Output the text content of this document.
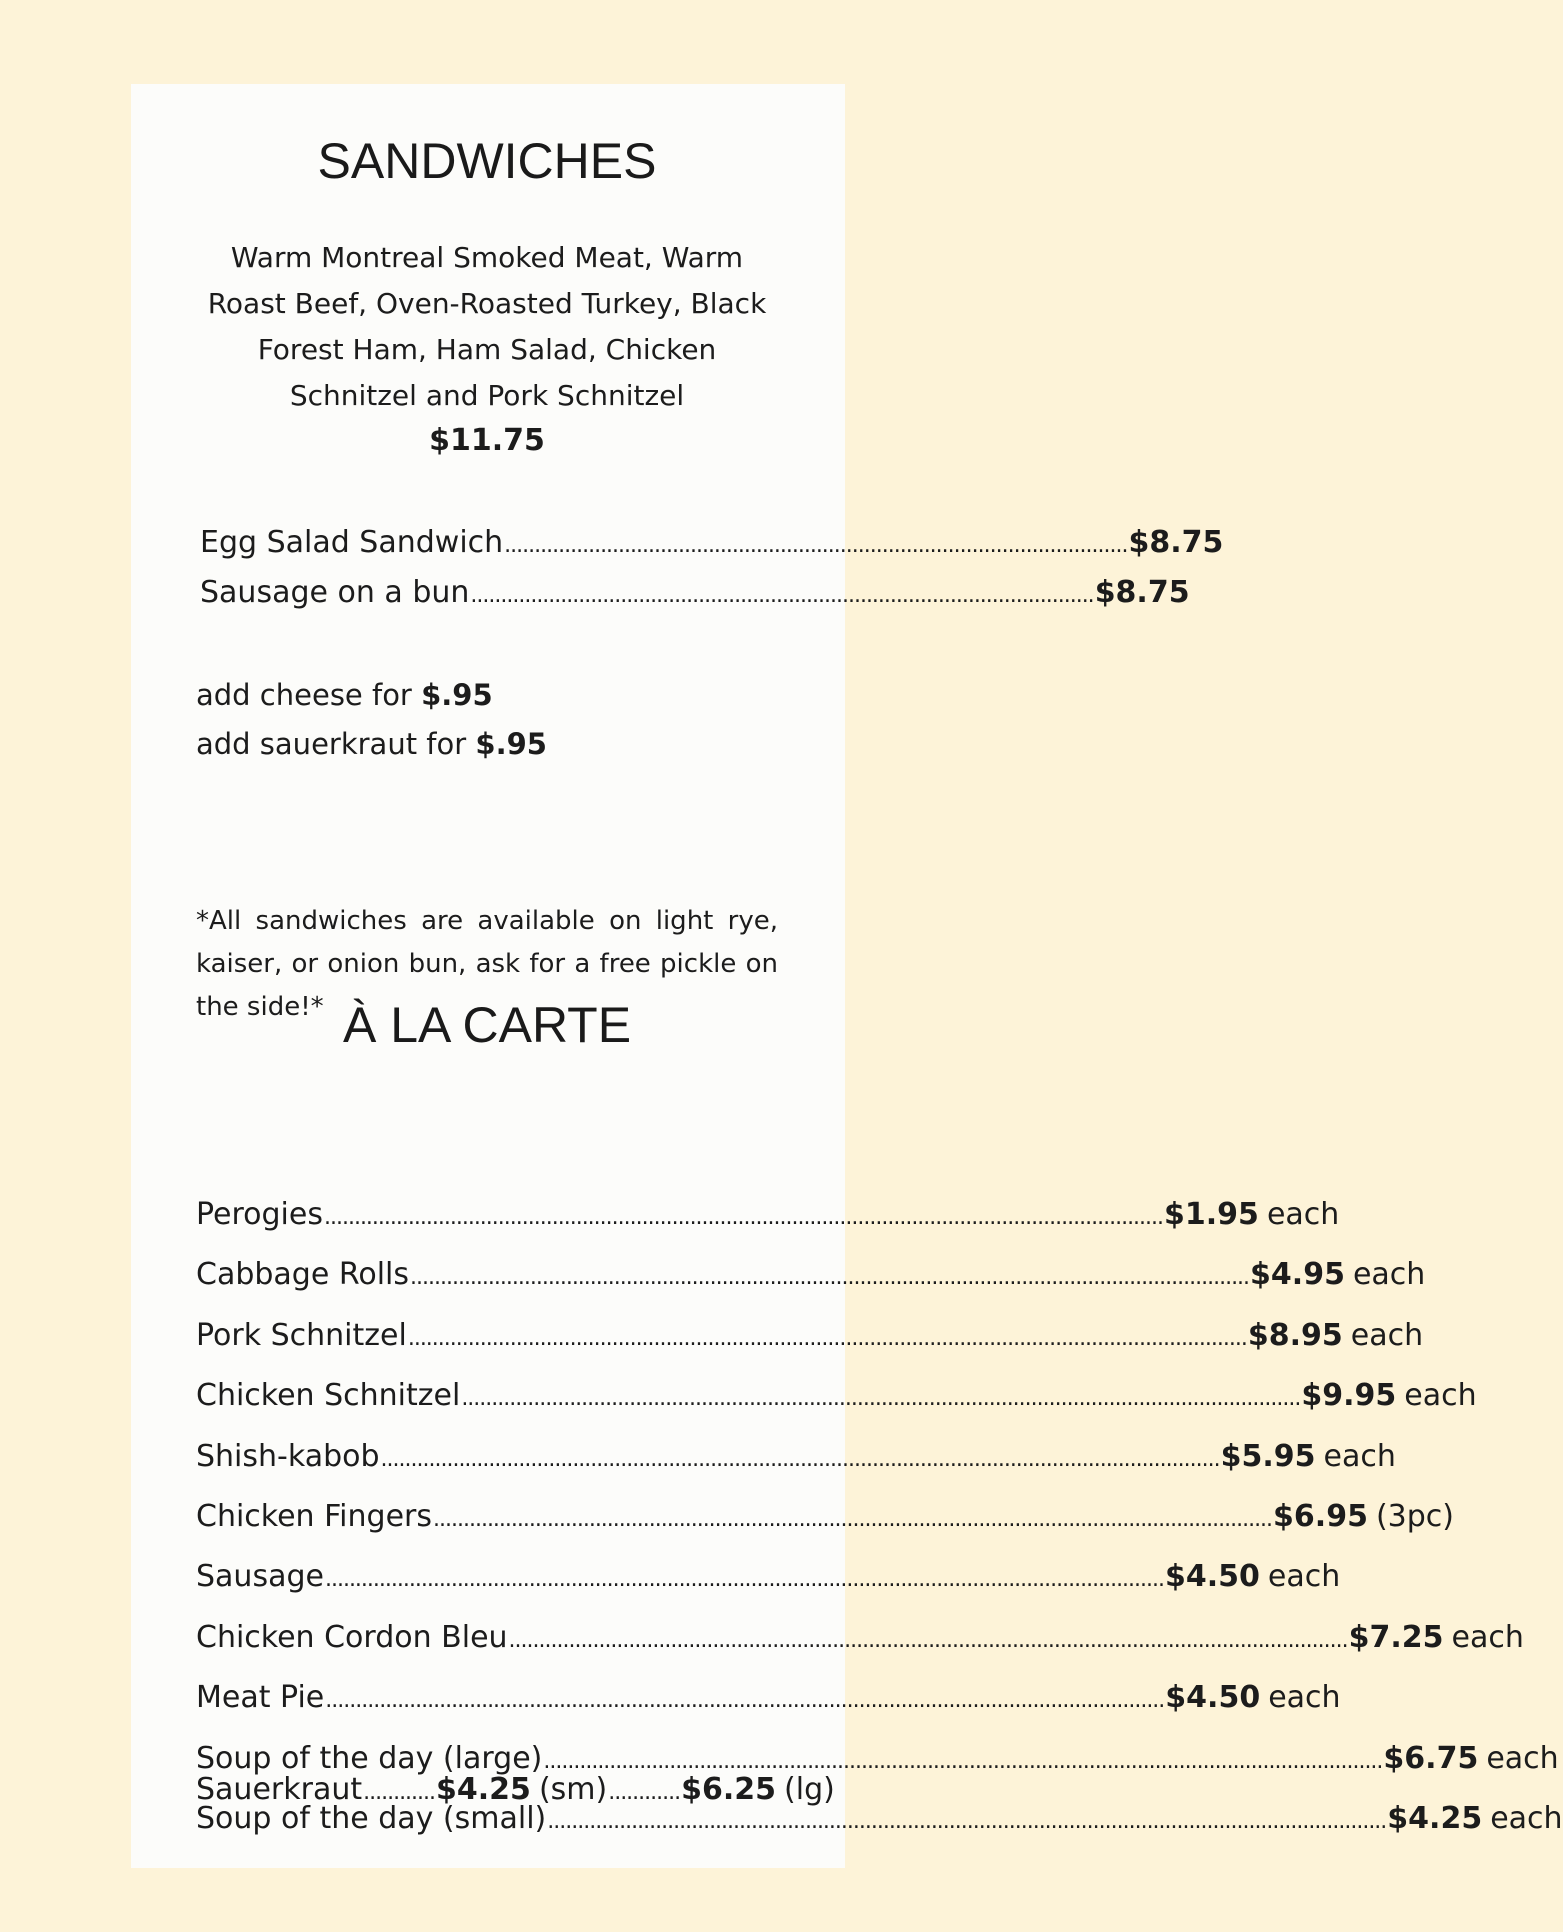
SANDWICHES

Warm Montreal Smoked Meat, Warm Roast Beef, Oven-Roasted Turkey, Black Forest Ham, Ham Salad, Chicken Schnitzel and Pork Schnitzel

$11.75
Egg Salad Sandwich ........................................................................................................ $8.75
Sausage on a bun ........................................................................................................ $8.75
add cheese for $.95
add sauerkraut for $.95

*All sandwiches are available on light rye, kaiser, or onion bun, ask for a free pickle on the side!* À LA CARTE
Perogies ............................................................................................................................................ $1.95 each
Cabbage Rolls ............................................................................................................................................ $4.95 each
Pork Schnitzel ............................................................................................................................................ $8.95 each
Chicken Schnitzel ............................................................................................................................................ $9.95 each
Shish-kabob ............................................................................................................................................ $5.95 each
Chicken Fingers ............................................................................................................................................ $6.95 (3pc)
Sausage ............................................................................................................................................ $4.50 each
Chicken Cordon Bleu ............................................................................................................................................ $7.25 each
Meat Pie ............................................................................................................................................ $4.50 each
Soup of the day (large) ............................................................................................................................................ $6.75 each
Soup of the day (small) ............................................................................................................................................ $4.25 each
Sauerkraut ............ $4.25 (sm) ............ $6.25 (lg)
